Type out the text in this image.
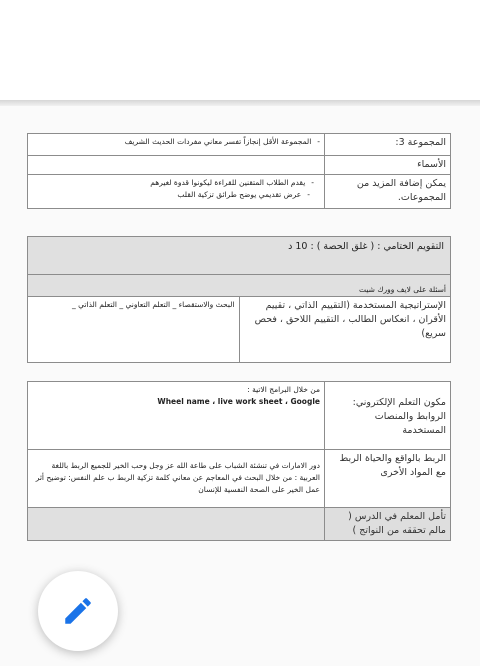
المجموعة 3:	-المجموعة الأقل إنجازاً تفسر معاني مفردات الحديث الشريف
الأسماء	
يمكن إضافة المزيد من المجموعات.	-يقدم الطلاب المتقنين للقراءة ليكونوا قدوة لغيرهم
-عرض تقديمي يوضح طرائق تزكية القلب
التقويم الختامي : ( غلق الحصة ) : 10 د
أسئلة على لايف وورك شيت
الإستراتيجية المستخدمة (التقييم الذاتي ، تقييم الأقران ، انعكاس الطالب ، التقييم اللاحق ، فحص سريع)	البحث والاستقصاء _ التعلم التعاوني _ التعلم الذاتي _
مكون التعلم الإلكتروني: الروابط والمنصات المستخدمة	من خلال البرامج الاتية :
Wheel name ، live work sheet ، Google

الربط بالواقع والحياة الربط مع المواد الأخرى	دور الامارات في تنشئة الشباب على طاعة الله عز وجل وحب الخير للجميع الربط باللغة العربية : من خلال البحث في المعاجم عن معاني كلمة تزكية الربط ب علم النفس: توضيح أثر عمل الخير على الصحة النفسية للإنسان
تأمل المعلم في الدرس ( مالم تحققه من النواتج )	
